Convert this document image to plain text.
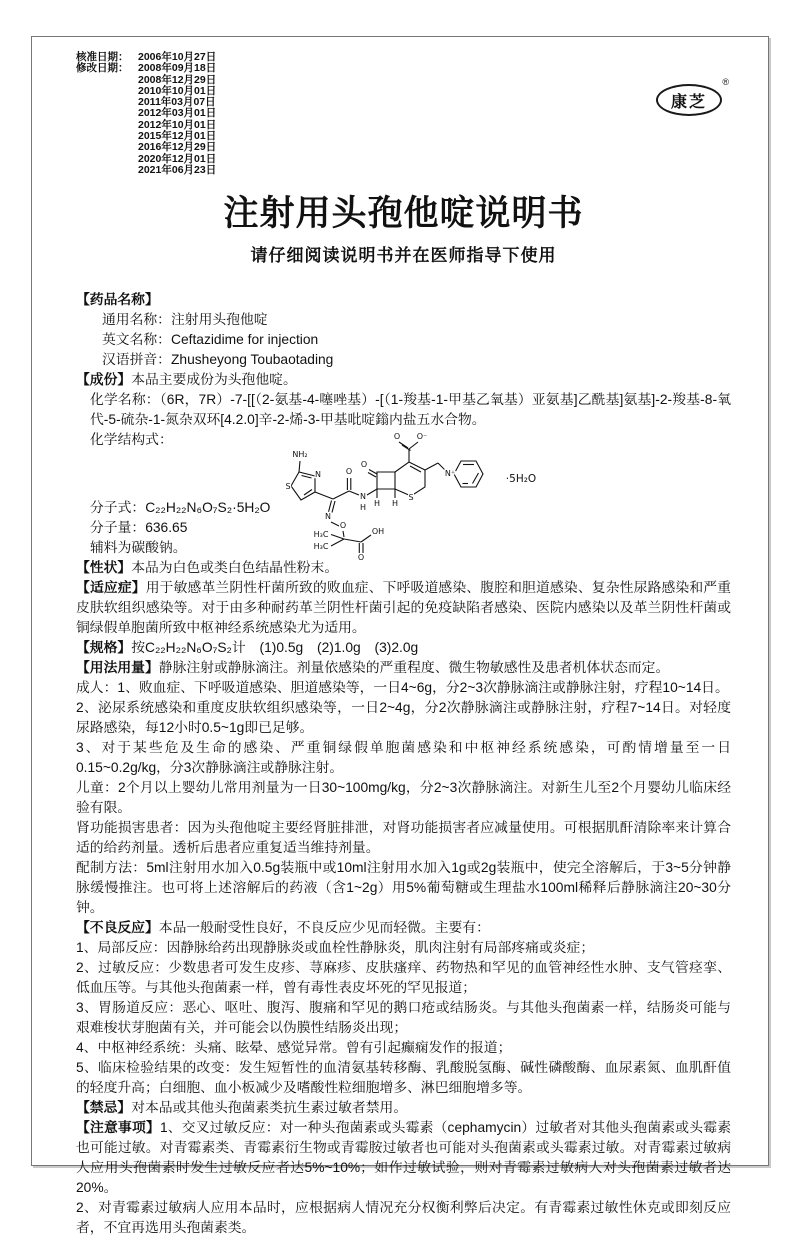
康芝
®
核准日期： 2006年10月27日
修改日期： 2008年09月18日
2008年12月29日
2010年10月01日
2011年03月07日
2012年03月01日
2012年10月01日
2015年12月01日
2016年12月29日
2020年12月01日
2021年06月23日
注射用头孢他啶说明书
请仔细阅读说明书并在医师指导下使用

【药品名称】

通用名称：注射用头孢他啶

英文名称：Ceftazidime for injection

汉语拼音：Zhusheyong Toubaotading

【成份】本品主要成份为头孢他啶。

化学名称：（6R，7R）-7-[[（2-氨基-4-噻唑基）-[（1-羧基-1-甲基乙氧基）亚氨基]乙酰基]氨基]-2-羧基-8-氧代-5-硫杂-1-氮杂双环[4.2.0]辛-2-烯-3-甲基吡啶鎓内盐五水合物。

化学结构式：

NH₂
S
N
N
O
H₃C
H₃C
OH
O
O
N
H
O
H H
S
O O⁻
N⁺	·5H₂O

分子式：C₂₂H₂₂N₆O₇S₂·5H₂O

分子量：636.65

辅料为碳酸钠。

【性状】本品为白色或类白色结晶性粉末。

【适应症】用于敏感革兰阴性杆菌所致的败血症、下呼吸道感染、腹腔和胆道感染、复杂性尿路感染和严重皮肤软组织感染等。对于由多种耐药革兰阴性杆菌引起的免疫缺陷者感染、医院内感染以及革兰阴性杆菌或铜绿假单胞菌所致中枢神经系统感染尤为适用。

【规格】按C₂₂H₂₂N₆O₇S₂计　(1)0.5g　(2)1.0g　(3)2.0g

【用法用量】静脉注射或静脉滴注。剂量依感染的严重程度、微生物敏感性及患者机体状态而定。

成人：1、败血症、下呼吸道感染、胆道感染等，一日4~6g，分2~3次静脉滴注或静脉注射，疗程10~14日。

2、泌尿系统感染和重度皮肤软组织感染等，一日2~4g，分2次静脉滴注或静脉注射，疗程7~14日。对轻度尿路感染，每12小时0.5~1g即已足够。

3、对于某些危及生命的感染、严重铜绿假单胞菌感染和中枢神经系统感染，可酌情增量至一日 0.15~0.2g/kg，分3次静脉滴注或静脉注射。

儿童：2个月以上婴幼儿常用剂量为一日30~100mg/kg，分2~3次静脉滴注。对新生儿至2个月婴幼儿临床经验有限。

肾功能损害患者：因为头孢他啶主要经肾脏排泄，对肾功能损害者应减量使用。可根据肌酐清除率来计算合适的给药剂量。透析后患者应重复适当维持剂量。

配制方法：5ml注射用水加入0.5g装瓶中或10ml注射用水加入1g或2g装瓶中，使完全溶解后，于3~5分钟静脉缓慢推注。也可将上述溶解后的药液（含1~2g）用5%葡萄糖或生理盐水100ml稀释后静脉滴注20~30分钟。

【不良反应】本品一般耐受性良好，不良反应少见而轻微。主要有：

1、局部反应：因静脉给药出现静脉炎或血栓性静脉炎，肌肉注射有局部疼痛或炎症；

2、过敏反应：少数患者可发生皮疹、荨麻疹、皮肤瘙痒、药物热和罕见的血管神经性水肿、支气管痉挛、低血压等。与其他头孢菌素一样，曾有毒性表皮坏死的罕见报道；

3、胃肠道反应：恶心、呕吐、腹泻、腹痛和罕见的鹅口疮或结肠炎。与其他头孢菌素一样，结肠炎可能与艰难梭状芽胞菌有关，并可能会以伪膜性结肠炎出现；

4、中枢神经系统：头痛、眩晕、感觉异常。曾有引起癫痫发作的报道；

5、临床检验结果的改变：发生短暂性的血清氨基转移酶、乳酸脱氢酶、碱性磷酸酶、血尿素氮、血肌酐值的轻度升高；白细胞、血小板减少及嗜酸性粒细胞增多、淋巴细胞增多等。

【禁忌】对本品或其他头孢菌素类抗生素过敏者禁用。

【注意事项】1、交叉过敏反应：对一种头孢菌素或头霉素（cephamycin）过敏者对其他头孢菌素或头霉素也可能过敏。对青霉素类、青霉素衍生物或青霉胺过敏者也可能对头孢菌素或头霉素过敏。对青霉素过敏病人应用头孢菌素时发生过敏反应者达5%~10%；如作过敏试验，则对青霉素过敏病人对头孢菌素过敏者达20%。

2、对青霉素过敏病人应用本品时，应根据病人情况充分权衡利弊后决定。有青霉素过敏性休克或即刻反应者，不宜再选用头孢菌素类。
